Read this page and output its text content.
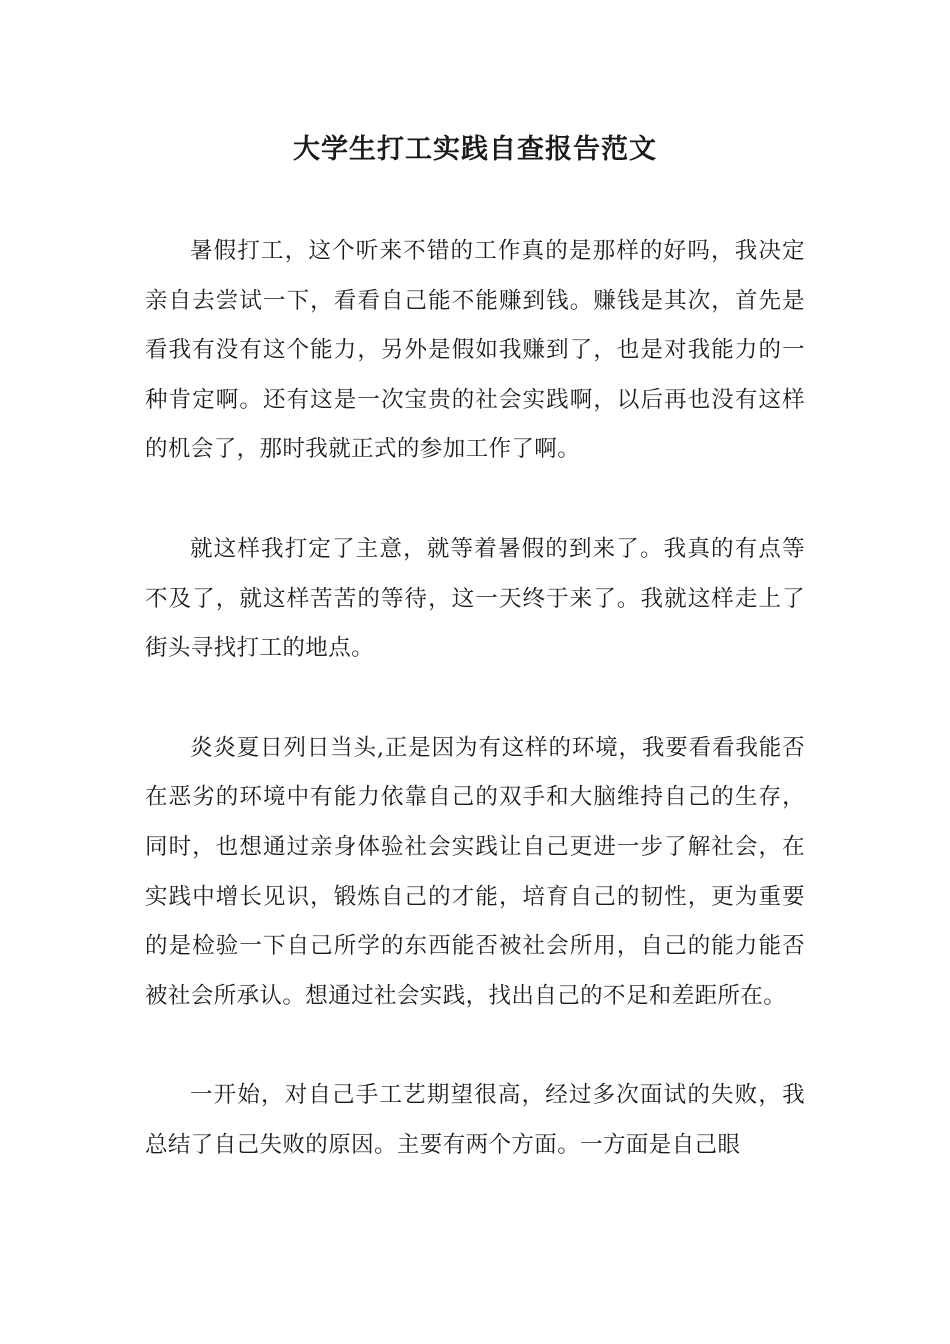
大学生打工实践自查报告范文

暑假打工，这个听来不错的工作真的是那样的好吗，我决定亲自去尝试一下，看看自己能不能赚到钱。赚钱是其次，首先是看我有没有这个能力，另外是假如我赚到了，也是对我能力的一种肯定啊。还有这是一次宝贵的社会实践啊，以后再也没有这样的机会了，那时我就正式的参加工作了啊。

就这样我打定了主意，就等着暑假的到来了。我真的有点等不及了，就这样苦苦的等待，这一天终于来了。我就这样走上了街头寻找打工的地点。

炎炎夏日列日当头,正是因为有这样的环境，我要看看我能否在恶劣的环境中有能力依靠自己的双手和大脑维持自己的生存，同时，也想通过亲身体验社会实践让自己更进一步了解社会，在实践中增长见识，锻炼自己的才能，培育自己的韧性，更为重要的是检验一下自己所学的东西能否被社会所用，自己的能力能否被社会所承认。想通过社会实践，找出自己的不足和差距所在。

一开始，对自己手工艺期望很高，经过多次面试的失败，我总结了自己失败的原因。主要有两个方面。一方面是自己眼
